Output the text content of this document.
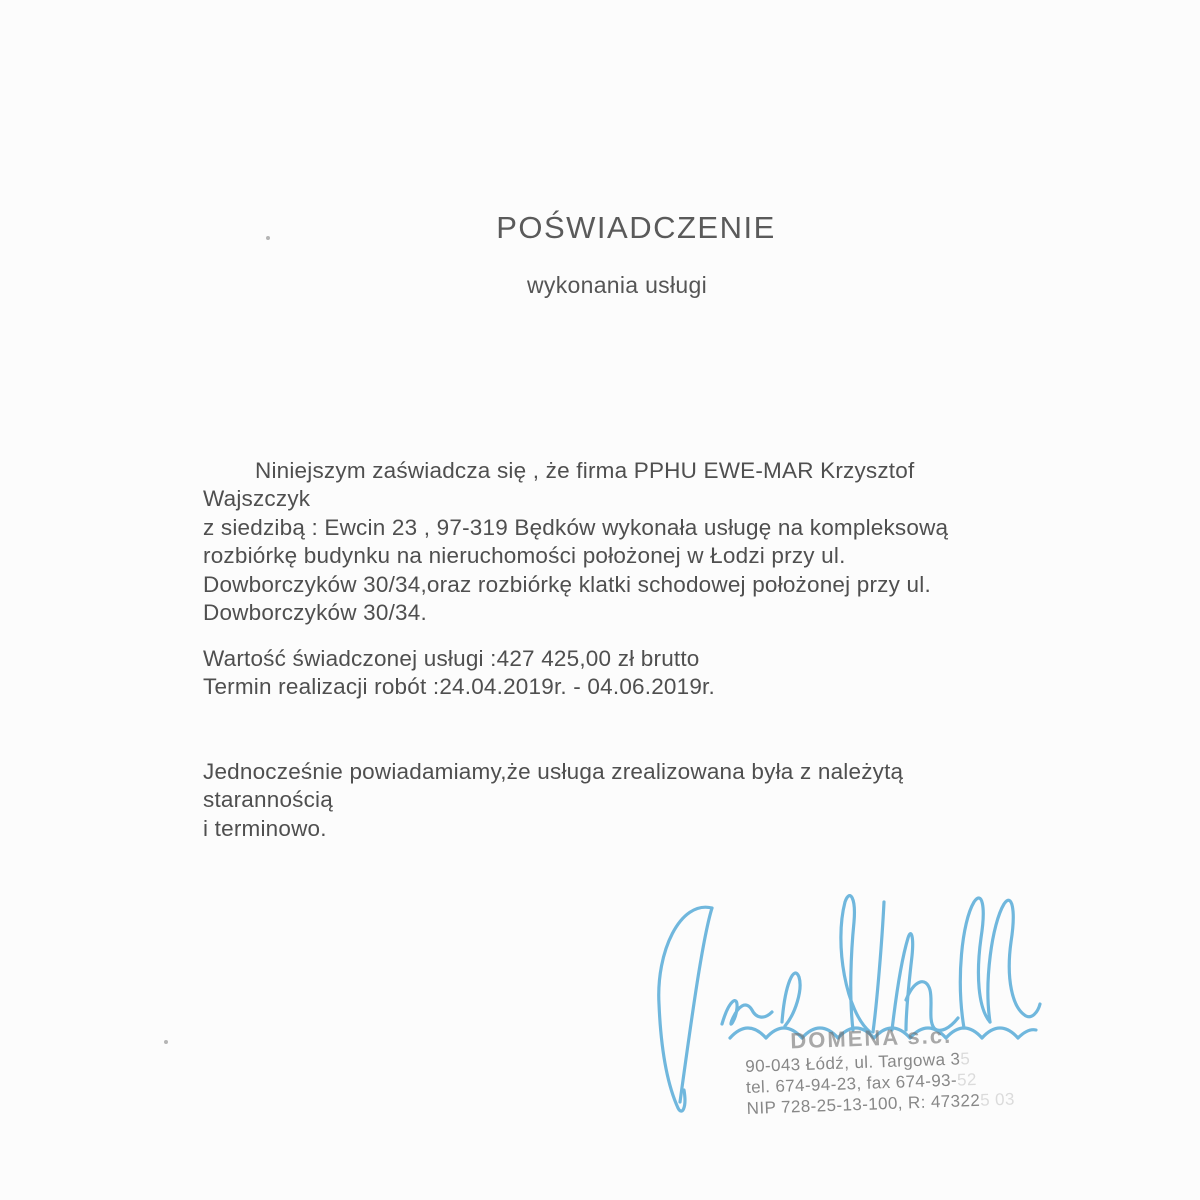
POŚWIADCZENIE
wykonania usługi
Niniejszym zaświadcza się , że firma PPHU EWE-MAR Krzysztof
Wajszczyk
z siedzibą : Ewcin 23 , 97-319 Będków wykonała usługę na kompleksową
rozbiórkę budynku na nieruchomości położonej w Łodzi przy ul.
Dowborczyków 30/34,oraz rozbiórkę klatki schodowej położonej przy ul.
Dowborczyków 30/34.
Wartość świadczonej usługi :427 425,00 zł brutto
Termin realizacji robót :24.04.2019r. - 04.06.2019r.
Jednocześnie powiadamiamy,że usługa zrealizowana była z należytą
starannością
i terminowo.
DOMENA s.c.
90-043 Łódź, ul. Targowa 35
tel. 674-94-23, fax 674-93-52
NIP 728-25-13-100, R: 473225 03
